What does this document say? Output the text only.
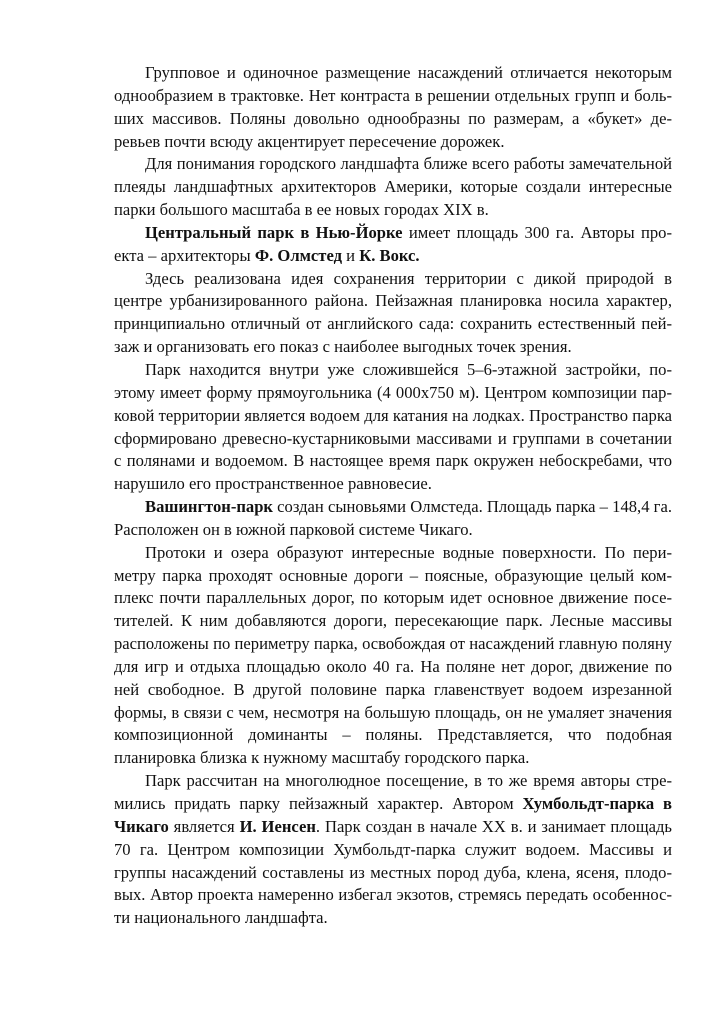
Групповое и одиночное размещение насаждений отличается некоторым однообразием в трактовке. Нет контраста в решении отдельных групп и больших массивов. Поляны довольно однообразны по размерам, а «букет» деревьев почти всюду акцентирует пересечение дорожек.

Для понимания городского ландшафта ближе всего работы замечательной плеяды ландшафтных архитекторов Америки, которые создали интересные парки большого масштаба в ее новых городах XIX в.

Центральный парк в Нью-Йорке имеет площадь 300 га. Авторы проекта – архитекторы Ф. Олмстед и К. Вокс.

Здесь реализована идея сохранения территории с дикой природой в центре урбанизированного района. Пейзажная планировка носила характер, принципиально отличный от английского сада: сохранить естественный пейзаж и организовать его показ с наиболее выгодных точек зрения.

Парк находится внутри уже сложившейся 5–6-этажной застройки, поэтому имеет форму прямоугольника (4 000х750 м). Центром композиции парковой территории является водоем для катания на лодках. Пространство парка сформировано древесно-кустарниковыми массивами и группами в сочетании с полянами и водоемом. В настоящее время парк окружен небоскребами, что нарушило его пространственное равновесие.

Вашингтон-парк создан сыновьями Олмстеда. Площадь парка – 148,4 га. Расположен он в южной парковой системе Чикаго.

Протоки и озера образуют интересные водные поверхности. По периметру парка проходят основные дороги – поясные, образующие целый комплекс почти параллельных дорог, по которым идет основное движение посетителей. К ним добавляются дороги, пересекающие парк. Лесные массивы расположены по периметру парка, освобождая от насаждений главную поляну для игр и отдыха площадью около 40 га. На поляне нет дорог, движение по ней свободное. В другой половине парка главенствует водоем изрезанной формы, в связи с чем, несмотря на большую площадь, он не умаляет значения композиционной доминанты – поляны. Представляется, что подобная планировка близка к нужному масштабу городского парка.

Парк рассчитан на многолюдное посещение, в то же время авторы стремились придать парку пейзажный характер. Автором Хумбольдт-парка в Чикаго является И. Иенсен. Парк создан в начале XX в. и занимает площадь 70 га. Центром композиции Хумбольдт-парка служит водоем. Массивы и группы насаждений составлены из местных пород дуба, клена, ясеня, плодовых. Автор проекта намеренно избегал экзотов, стремясь передать особенности национального ландшафта.
